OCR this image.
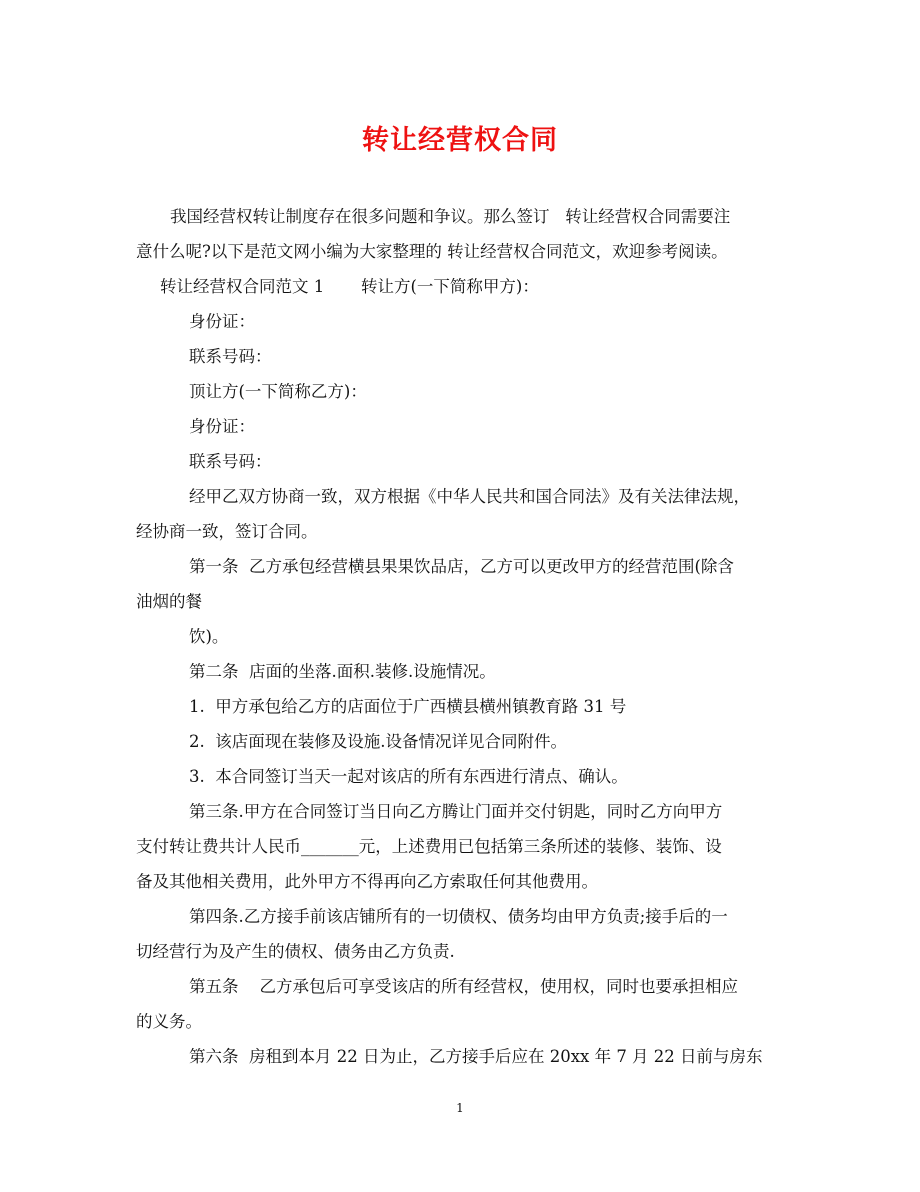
转让经营权合同
我国经营权转让制度存在很多问题和争议。那么签订   转让经营权合同需要注
意什么呢?以下是范文网小编为大家整理的 转让经营权合同范文，欢迎参考阅读。
转让经营权合同范文 1       转让方(一下简称甲方)：
身份证：
联系号码：
顶让方(一下简称乙方)：
身份证：
联系号码：
经甲乙双方协商一致，双方根据《中华人民共和国合同法》及有关法律法规，
经协商一致，签订合同。
第一条  乙方承包经营横县果果饮品店，乙方可以更改甲方的经营范围(除含
油烟的餐
饮)。
第二条  店面的坐落.面积.装修.设施情况。
1.  甲方承包给乙方的店面位于广西横县横州镇教育路 31 号
2.  该店面现在装修及设施.设备情况详见合同附件。
3.  本合同签订当天一起对该店的所有东西进行清点、确认。
第三条.甲方在合同签订当日向乙方腾让门面并交付钥匙，同时乙方向甲方
支付转让费共计人民币_______元，上述费用已包括第三条所述的装修、装饰、设
备及其他相关费用，此外甲方不得再向乙方索取任何其他费用。
第四条.乙方接手前该店铺所有的一切债权、债务均由甲方负责;接手后的一
切经营行为及产生的债权、债务由乙方负责.
第五条    乙方承包后可享受该店的所有经营权，使用权，同时也要承担相应
的义务。
第六条  房租到本月 22 日为止，乙方接手后应在 20xx 年 7 月 22 日前与房东
1
